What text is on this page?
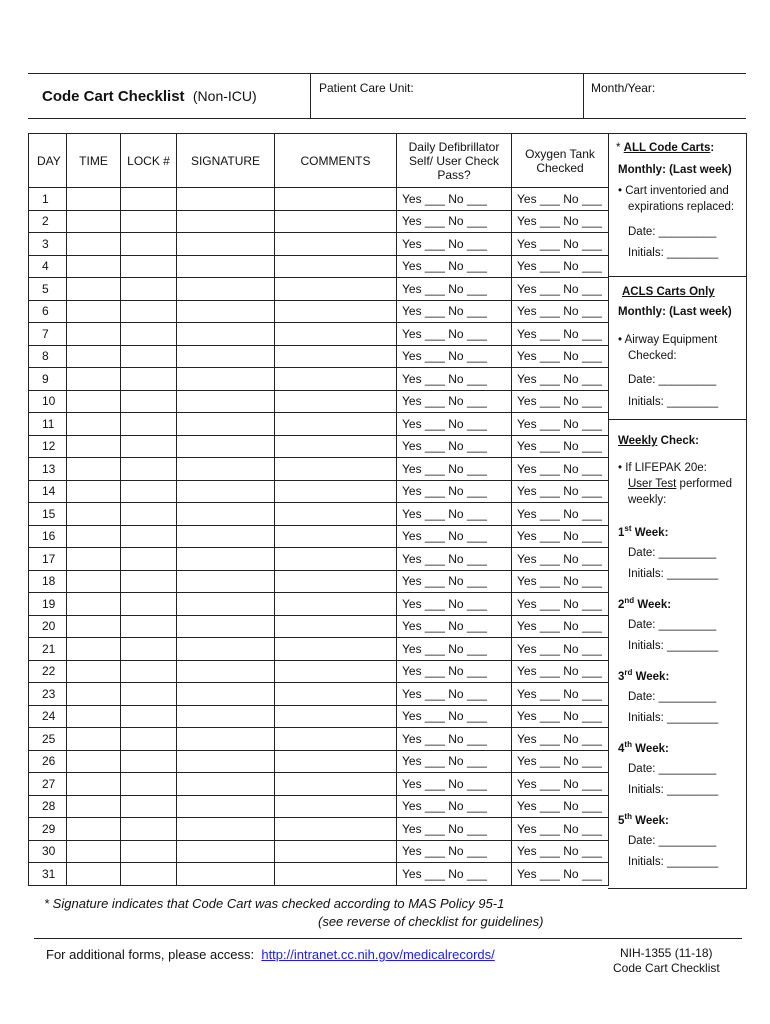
Code Cart Checklist (Non-ICU)	Patient Care Unit:	Month/Year:
DAY	TIME	LOCK #	SIGNATURE	COMMENTS	Daily Defibrillator Self/ User Check Pass?	Oxygen Tank Checked
1					Yes ___ No ___	Yes ___ No ___
2					Yes ___ No ___	Yes ___ No ___
3					Yes ___ No ___	Yes ___ No ___
4					Yes ___ No ___	Yes ___ No ___
5					Yes ___ No ___	Yes ___ No ___
6					Yes ___ No ___	Yes ___ No ___
7					Yes ___ No ___	Yes ___ No ___
8					Yes ___ No ___	Yes ___ No ___
9					Yes ___ No ___	Yes ___ No ___
10					Yes ___ No ___	Yes ___ No ___
11					Yes ___ No ___	Yes ___ No ___
12					Yes ___ No ___	Yes ___ No ___
13					Yes ___ No ___	Yes ___ No ___
14					Yes ___ No ___	Yes ___ No ___
15					Yes ___ No ___	Yes ___ No ___
16					Yes ___ No ___	Yes ___ No ___
17					Yes ___ No ___	Yes ___ No ___
18					Yes ___ No ___	Yes ___ No ___
19					Yes ___ No ___	Yes ___ No ___
20					Yes ___ No ___	Yes ___ No ___
21					Yes ___ No ___	Yes ___ No ___
22					Yes ___ No ___	Yes ___ No ___
23					Yes ___ No ___	Yes ___ No ___
24					Yes ___ No ___	Yes ___ No ___
25					Yes ___ No ___	Yes ___ No ___
26					Yes ___ No ___	Yes ___ No ___
27					Yes ___ No ___	Yes ___ No ___
28					Yes ___ No ___	Yes ___ No ___
29					Yes ___ No ___	Yes ___ No ___
30					Yes ___ No ___	Yes ___ No ___
31					Yes ___ No ___	Yes ___ No ___
* ALL Code Carts:
Monthly: (Last week)
• Cart inventoried and
expirations replaced:
Date: _________
Initials: ________
ACLS Carts Only
Monthly: (Last week)
• Airway Equipment
Checked:
Date: _________
Initials: ________
Weekly Check:
• If LIFEPAK 20e:
User Test performed
weekly:
1st Week:
Date: _________
Initials: ________
2nd Week:
Date: _________
Initials: ________
3rd Week:
Date: _________
Initials: ________
4th Week:
Date: _________
Initials: ________
5th Week:
Date: _________
Initials: ________
* Signature indicates that Code Cart was checked according to MAS Policy 95-1
(see reverse of checklist for guidelines)
For additional forms, please access: http://intranet.cc.nih.gov/medicalrecords/	NIH-1355 (11-18)
Code Cart Checklist
